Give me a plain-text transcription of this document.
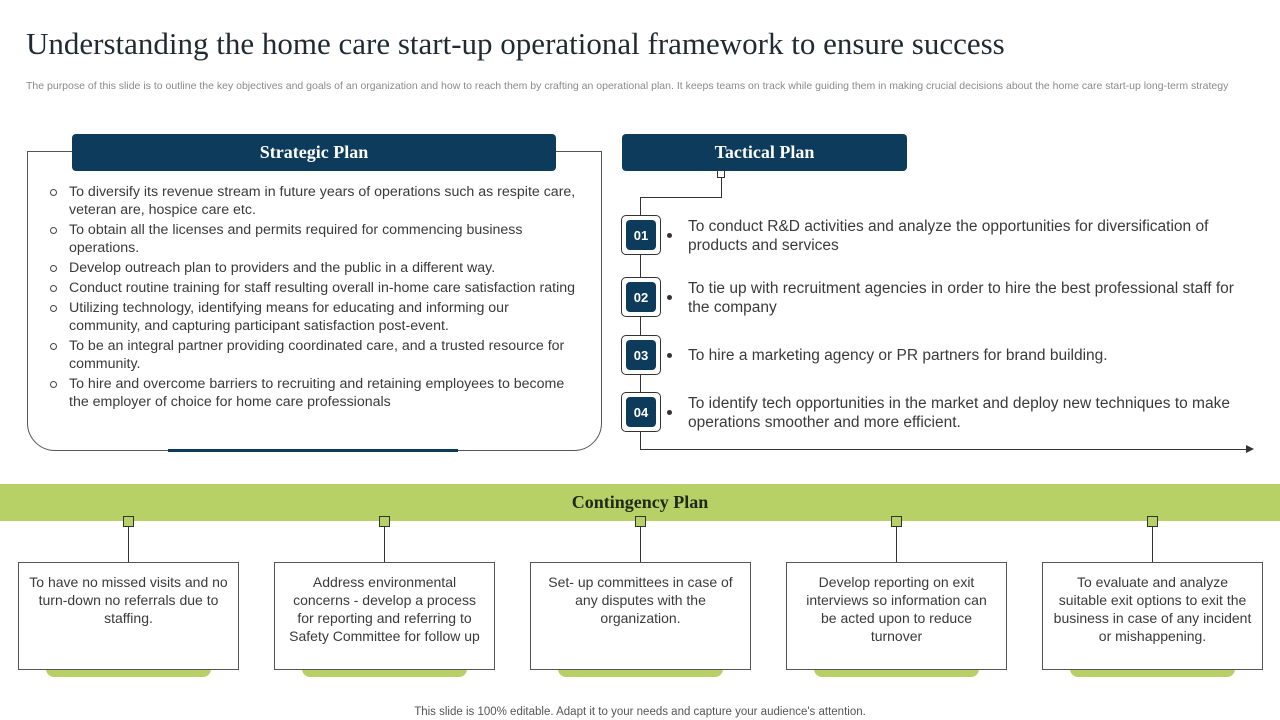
Understanding the home care start-up operational framework to ensure success
The purpose of this slide is to outline the key objectives and goals of an organization and how to reach them by crafting an operational plan. It keeps teams on track while guiding them in making crucial decisions about the home care start-up long-term strategy
Strategic Plan
To diversify its revenue stream in future years of operations such as respite care, veteran are, hospice care etc.
To obtain all the licenses and permits required for commencing business operations.
Develop outreach plan to providers and the public in a different way.
Conduct routine training for staff resulting overall in-home care satisfaction rating
Utilizing technology, identifying means for educating and informing our community, and capturing participant satisfaction post-event.
To be an integral partner providing coordinated care, and a trusted resource for community.
To hire and overcome barriers to recruiting and retaining employees to become the employer of choice for home care professionals
Tactical Plan
01	To conduct R&D activities and analyze the opportunities for diversification of products and services
02	To tie up with recruitment agencies in order to hire the best professional staff for the company
03	To hire a marketing agency or PR partners for brand building.
04	To identify tech opportunities in the market and deploy new techniques to make operations smoother and more efficient.
Contingency Plan
To have no missed visits and no turn-down no referrals due to staffing.
Address environmental concerns - develop a process for reporting and referring to Safety Committee for follow up
Set- up committees in case of any disputes with the organization.
Develop reporting on exit interviews so information can be acted upon to reduce turnover
To evaluate and analyze suitable exit options to exit the business in case of any incident or mishappening.
This slide is 100% editable. Adapt it to your needs and capture your audience's attention.
